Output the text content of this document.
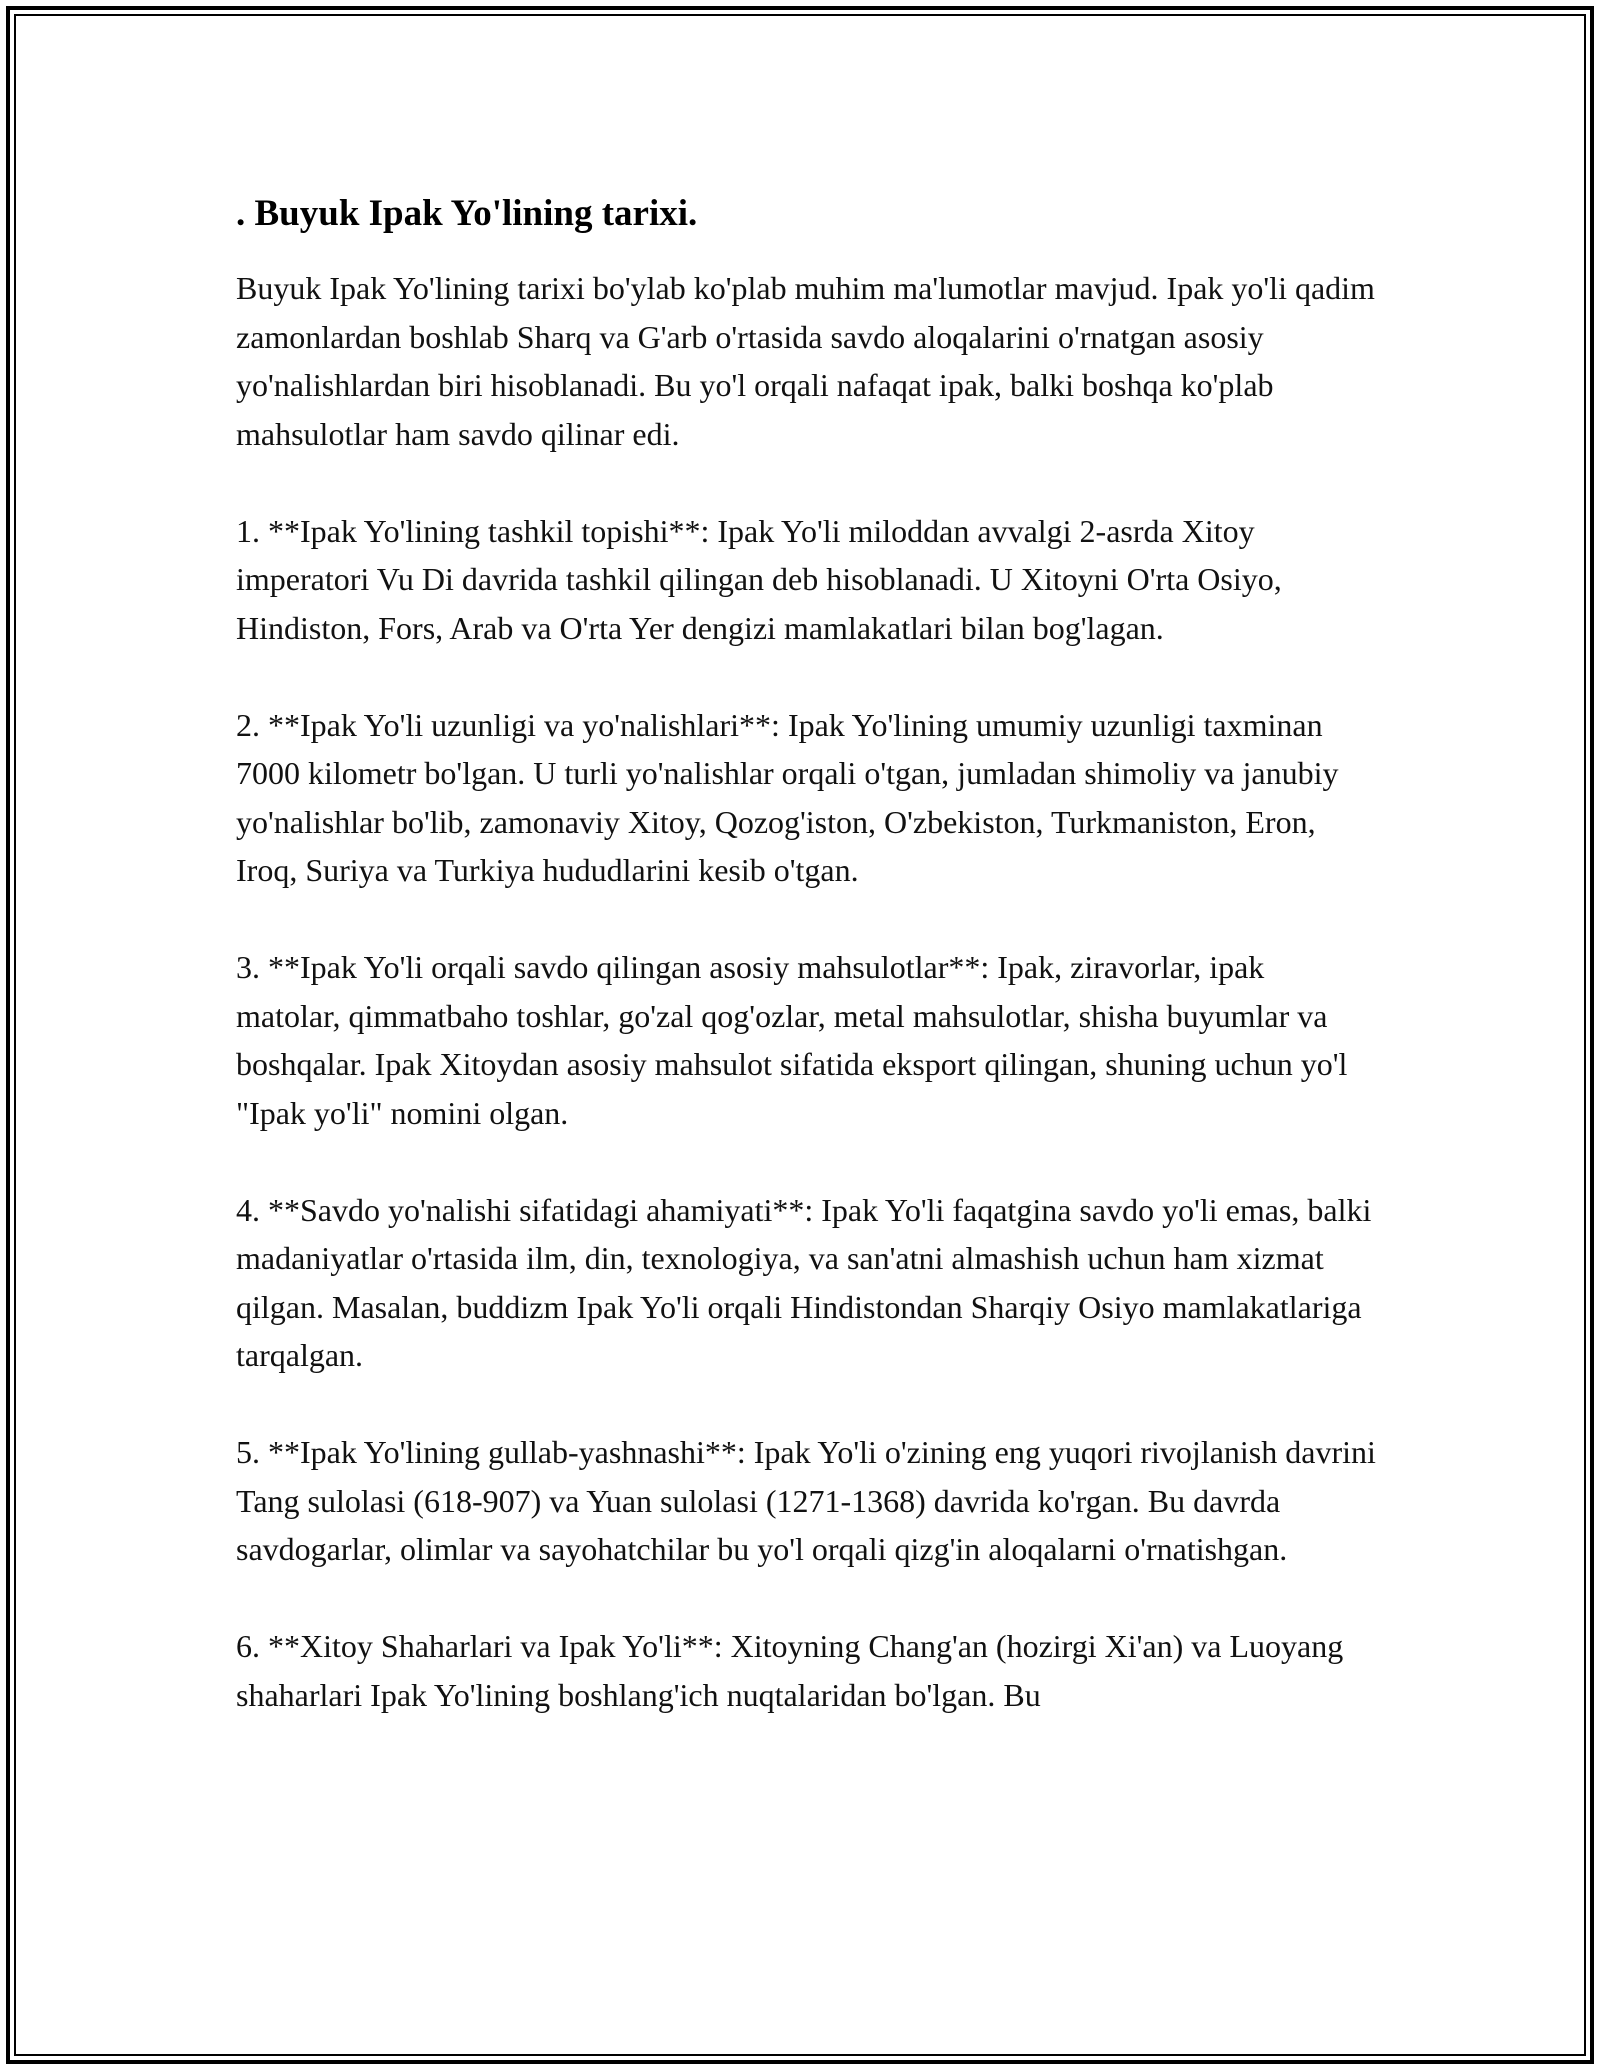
. Buyuk Ipak Yo'lining tarixi.

Buyuk Ipak Yo'lining tarixi bo'ylab ko'plab muhim ma'lumotlar mavjud. Ipak yo'li qadim zamonlardan boshlab Sharq va G'arb o'rtasida savdo aloqalarini o'rnatgan asosiy yo'nalishlardan biri hisoblanadi. Bu yo'l orqali nafaqat ipak, balki boshqa ko'plab mahsulotlar ham savdo qilinar edi.

1. **Ipak Yo'lining tashkil topishi**: Ipak Yo'li miloddan avvalgi 2-asrda Xitoy imperatori Vu Di davrida tashkil qilingan deb hisoblanadi. U Xitoyni O'rta Osiyo, Hindiston, Fors, Arab va O'rta Yer dengizi mamlakatlari bilan bog'lagan.

2. **Ipak Yo'li uzunligi va yo'nalishlari**: Ipak Yo'lining umumiy uzunligi taxminan 7000 kilometr bo'lgan. U turli yo'nalishlar orqali o'tgan, jumladan shimoliy va janubiy yo'nalishlar bo'lib, zamonaviy Xitoy, Qozog'iston, O'zbekiston, Turkmaniston, Eron, Iroq, Suriya va Turkiya hududlarini kesib o'tgan.

3. **Ipak Yo'li orqali savdo qilingan asosiy mahsulotlar**: Ipak, ziravorlar, ipak matolar, qimmatbaho toshlar, go'zal qog'ozlar, metal mahsulotlar, shisha buyumlar va boshqalar. Ipak Xitoydan asosiy mahsulot sifatida eksport qilingan, shuning uchun yo'l "Ipak yo'li" nomini olgan.

4. **Savdo yo'nalishi sifatidagi ahamiyati**: Ipak Yo'li faqatgina savdo yo'li emas, balki madaniyatlar o'rtasida ilm, din, texnologiya, va san'atni almashish uchun ham xizmat qilgan. Masalan, buddizm Ipak Yo'li orqali Hindistondan Sharqiy Osiyo mamlakatlariga tarqalgan.

5. **Ipak Yo'lining gullab-yashnashi**: Ipak Yo'li o'zining eng yuqori rivojlanish davrini Tang sulolasi (618-907) va Yuan sulolasi (1271-1368) davrida ko'rgan. Bu davrda savdogarlar, olimlar va sayohatchilar bu yo'l orqali qizg'in aloqalarni o'rnatishgan.

6. **Xitoy Shaharlari va Ipak Yo'li**: Xitoyning Chang'an (hozirgi Xi'an) va Luoyang shaharlari Ipak Yo'lining boshlang'ich nuqtalaridan bo'lgan. Bu
